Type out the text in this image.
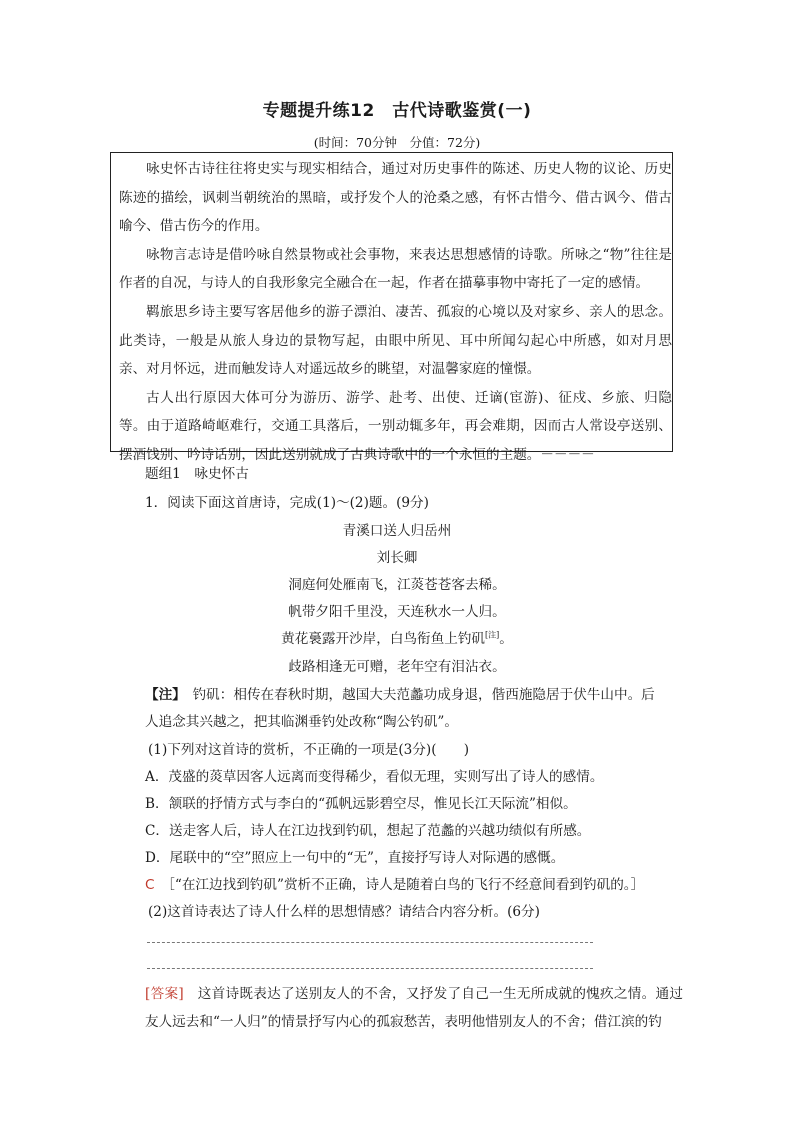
专题提升练12　古代诗歌鉴赏(一)
(时间：70分钟　分值：72分)

咏史怀古诗往往将史实与现实相结合，通过对历史事件的陈述、历史人物的议论、历史陈迹的描绘，讽刺当朝统治的黑暗，或抒发个人的沧桑之感，有怀古惜今、借古讽今、借古喻今、借古伤今的作用。

咏物言志诗是借吟咏自然景物或社会事物，来表达思想感情的诗歌。所咏之“物”往往是作者的自况，与诗人的自我形象完全融合在一起，作者在描摹事物中寄托了一定的感情。

羁旅思乡诗主要写客居他乡的游子漂泊、凄苦、孤寂的心境以及对家乡、亲人的思念。此类诗，一般是从旅人身边的景物写起，由眼中所见、耳中所闻勾起心中所感，如对月思亲、对月怀远，进而触发诗人对遥远故乡的眺望，对温馨家庭的憧憬。

古人出行原因大体可分为游历、游学、赴考、出使、迁谪(宦游)、征戍、乡旅、归隐等。由于道路崎岖难行，交通工具落后，一别动辄多年，再会难期，因而古人常设亭送别、摆酒饯别、吟诗话别，因此送别就成了古典诗歌中的一个永恒的主题。－－－－

题组1　咏史怀古
1．阅读下面这首唐诗，完成(1)～(2)题。(9分)
青溪口送人归岳州
刘长卿
洞庭何处雁南飞，江菼苍苍客去稀。
帆带夕阳千里没，天连秋水一人归。
黄花裛露开沙岸，白鸟衔鱼上钓矶[注]。
歧路相逢无可赠，老年空有泪沾衣。
【注】　钓矶：相传在春秋时期，越国大夫范蠡功成身退，偕西施隐居于伏牛山中。后
人追念其兴越之，把其临渊垂钓处改称“陶公钓矶”。
(1)下列对这首诗的赏析，不正确的一项是(3分)(　　)
A．茂盛的菼草因客人远离而变得稀少，看似无理，实则写出了诗人的感情。
B．颔联的抒情方式与李白的“孤帆远影碧空尽，惟见长江天际流”相似。
C．送走客人后，诗人在江边找到钓矶，想起了范蠡的兴越功绩似有所感。
D．尾联中的“空”照应上一句中的“无”，直接抒写诗人对际遇的感慨。
C　 ［“在江边找到钓矶”赏析不正确，诗人是随着白鸟的飞行不经意间看到钓矶的。］
(2)这首诗表达了诗人什么样的思想情感？请结合内容分析。(6分)

[答案]　这首诗既表达了送别友人的不舍，又抒发了自己一生无所成就的愧疚之情。通过友人远去和“一人归”的情景抒写内心的孤寂愁苦，表明他惜别友人的不舍；借江滨的钓
